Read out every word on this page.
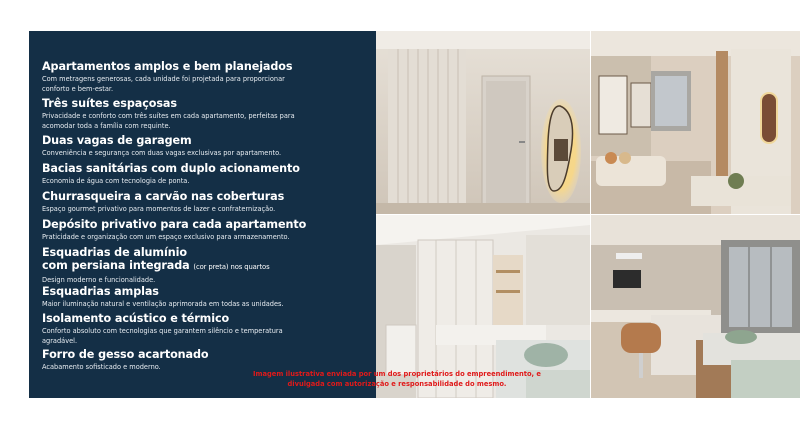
Apartamentos amplos e bem planejados
Com metragens generosas, cada unidade foi projetada para proporcionar conforto e bem-estar.
Três suítes espaçosas
Privacidade e conforto com três suítes em cada apartamento, perfeitas para acomodar toda a família com requinte.
Duas vagas de garagem
Conveniência e segurança com duas vagas exclusivas por apartamento.
Bacias sanitárias com duplo acionamento
Economia de água com tecnologia de ponta.
Churrasqueira a carvão nas coberturas
Espaço gourmet privativo para momentos de lazer e confraternização.
Depósito privativo para cada apartamento
Praticidade e organização com um espaço exclusivo para armazenamento.
Esquadrias de alumínio
com persiana integrada (cor preta) nos quartos
Design moderno e funcionalidade.
Esquadrias amplas
Maior iluminação natural e ventilação aprimorada em todas as unidades.
Isolamento acústico e térmico
Conforto absoluto com tecnologias que garantem silêncio e temperatura agradável.
Forro de gesso acartonado
Acabamento sofisticado e moderno.
Imagem ilustrativa enviada por um dos proprietários do empreendimento, e
divulgada com autorização e responsabilidade do mesmo.
